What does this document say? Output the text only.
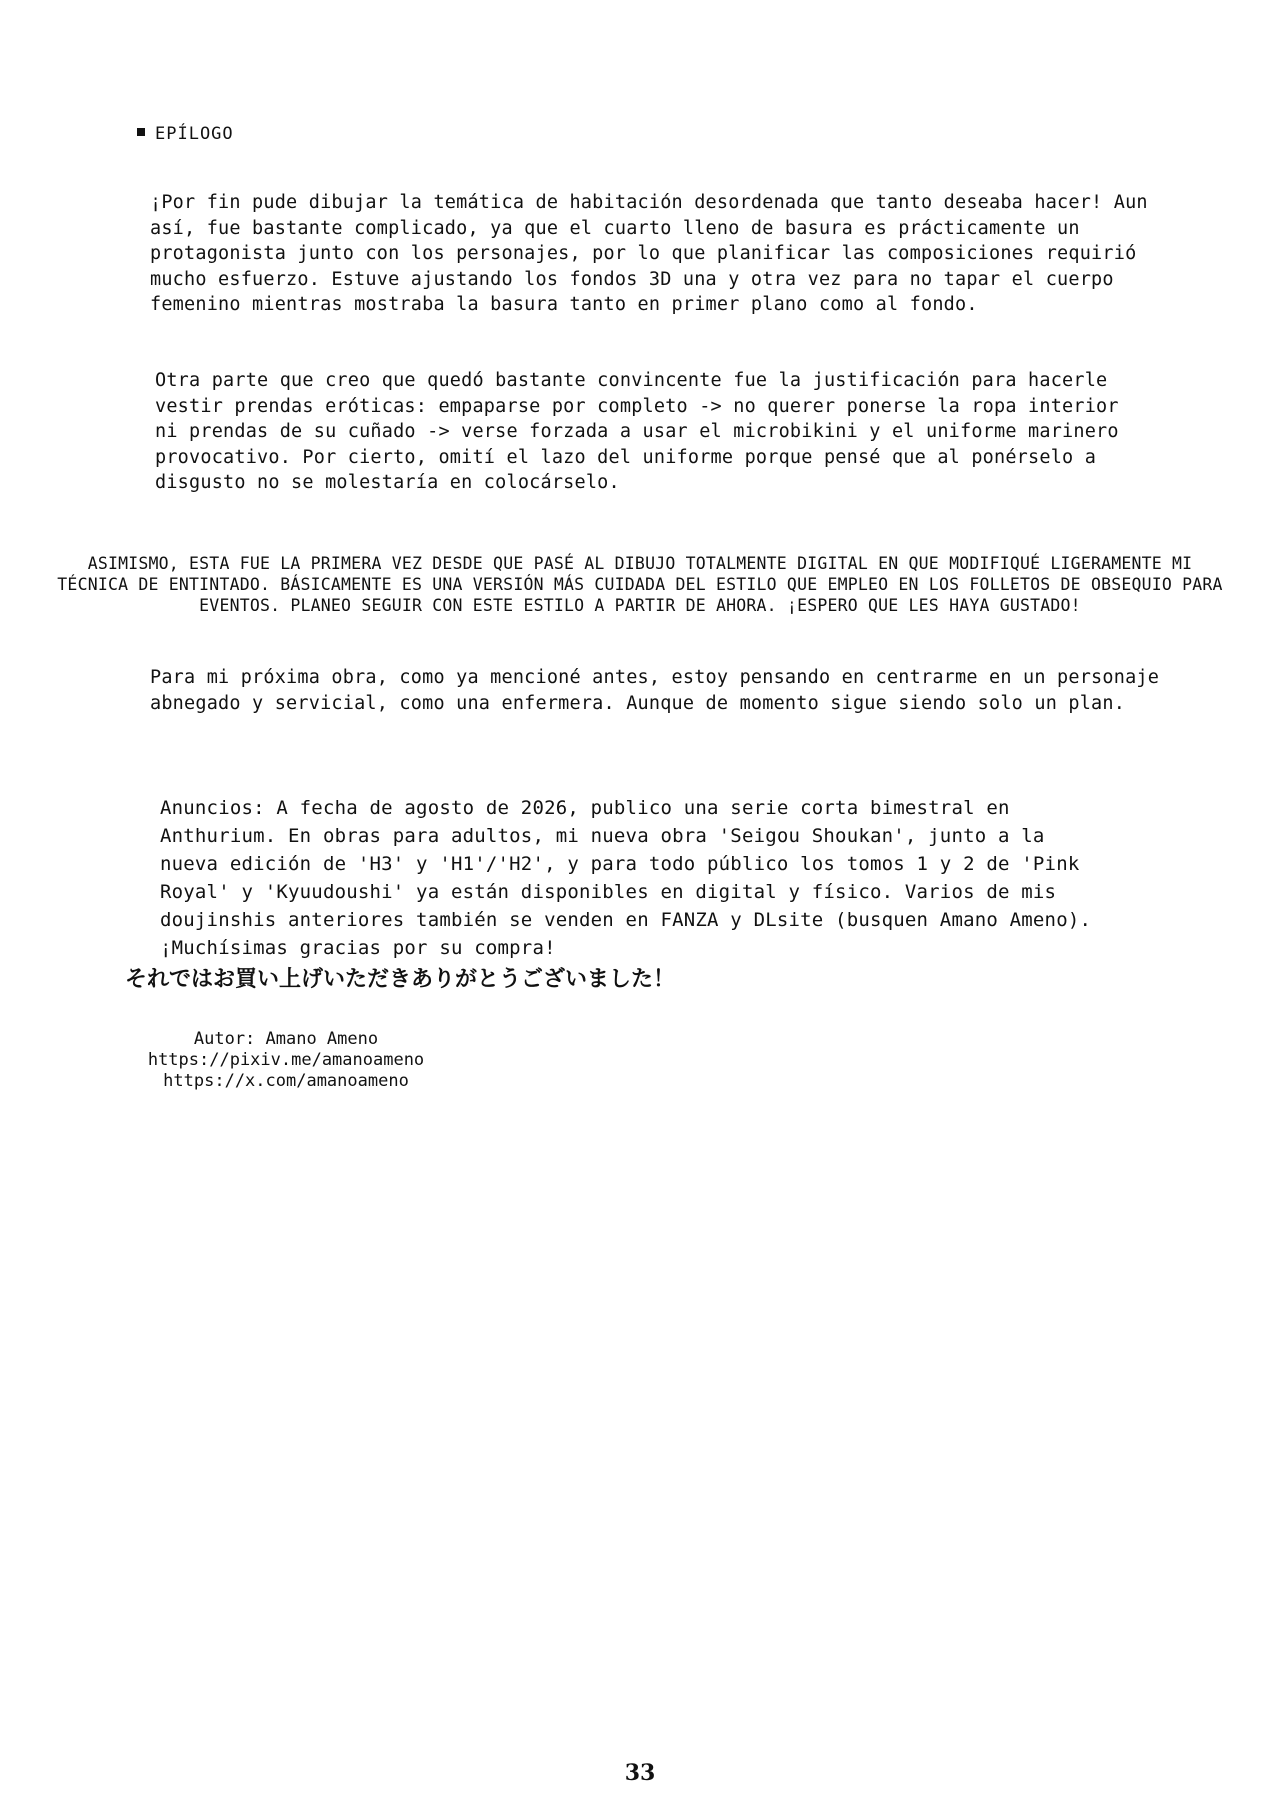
EPÍLOGO
¡Por fin pude dibujar la temática de habitación desordenada que tanto deseaba hacer! Aun
así, fue bastante complicado, ya que el cuarto lleno de basura es prácticamente un
protagonista junto con los personajes, por lo que planificar las composiciones requirió
mucho esfuerzo. Estuve ajustando los fondos 3D una y otra vez para no tapar el cuerpo
femenino mientras mostraba la basura tanto en primer plano como al fondo.
Otra parte que creo que quedó bastante convincente fue la justificación para hacerle
vestir prendas eróticas: empaparse por completo -> no querer ponerse la ropa interior
ni prendas de su cuñado -> verse forzada a usar el microbikini y el uniforme marinero
provocativo. Por cierto, omití el lazo del uniforme porque pensé que al ponérselo a
disgusto no se molestaría en colocárselo.
ASIMISMO, ESTA FUE LA PRIMERA VEZ DESDE QUE PASÉ AL DIBUJO TOTALMENTE DIGITAL EN QUE MODIFIQUÉ LIGERAMENTE MI
TÉCNICA DE ENTINTADO. BÁSICAMENTE ES UNA VERSIÓN MÁS CUIDADA DEL ESTILO QUE EMPLEO EN LOS FOLLETOS DE OBSEQUIO PARA
EVENTOS. PLANEO SEGUIR CON ESTE ESTILO A PARTIR DE AHORA. ¡ESPERO QUE LES HAYA GUSTADO!
Para mi próxima obra, como ya mencioné antes, estoy pensando en centrarme en un personaje
abnegado y servicial, como una enfermera. Aunque de momento sigue siendo solo un plan.
Anuncios: A fecha de agosto de 2026, publico una serie corta bimestral en
Anthurium. En obras para adultos, mi nueva obra 'Seigou Shoukan', junto a la
nueva edición de 'H3' y 'H1'/'H2', y para todo público los tomos 1 y 2 de 'Pink
Royal' y 'Kyuudoushi' ya están disponibles en digital y físico. Varios de mis
doujinshis anteriores también se venden en FANZA y DLsite (busquen Amano Ameno).
¡Muchísimas gracias por su compra!
それではお買い上げいただきありがとうございました！
Autor: Amano Ameno
https://pixiv.me/amanoameno
https://x.com/amanoameno
33
